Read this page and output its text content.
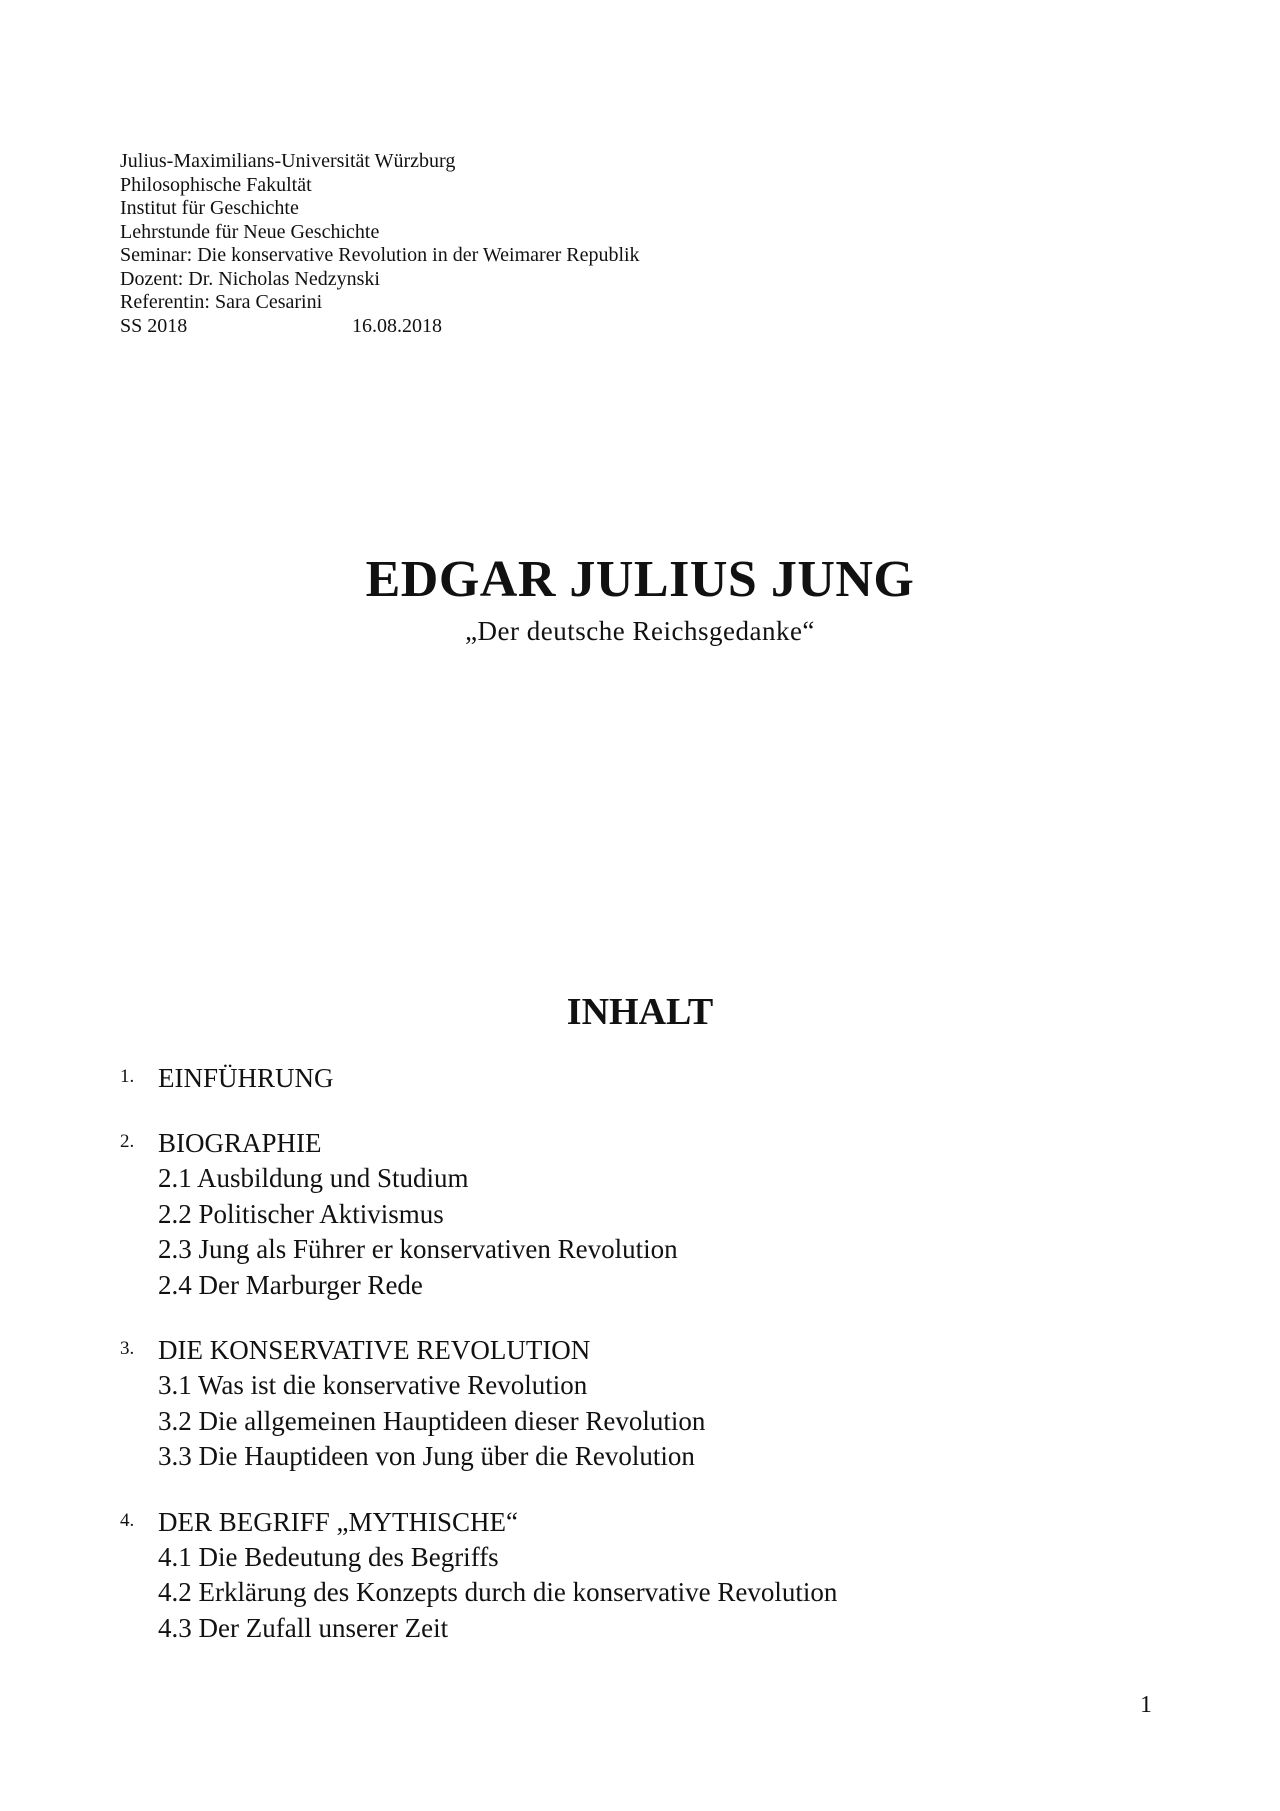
Julius-Maximilians-Universität Würzburg
Philosophische Fakultät
Institut für Geschichte
Lehrstunde für Neue Geschichte
Seminar: Die konservative Revolution in der Weimarer Republik
Dozent: Dr. Nicholas Nedzynski
Referentin: Sara Cesarini
SS 2018	16.08.2018
EDGAR JULIUS JUNG
„Der deutsche Reichsgedanke“
INHALT
1. EINFÜHRUNG
2. BIOGRAPHIE
2.1 Ausbildung und Studium
2.2 Politischer Aktivismus
2.3 Jung als Führer er konservativen Revolution
2.4 Der Marburger Rede
3. DIE KONSERVATIVE REVOLUTION
3.1 Was ist die konservative Revolution
3.2 Die allgemeinen Hauptideen dieser Revolution
3.3 Die Hauptideen von Jung über die Revolution
4. DER BEGRIFF „MYTHISCHE“
4.1 Die Bedeutung des Begriffs
4.2 Erklärung des Konzepts durch die konservative Revolution
4.3 Der Zufall unserer Zeit
1
